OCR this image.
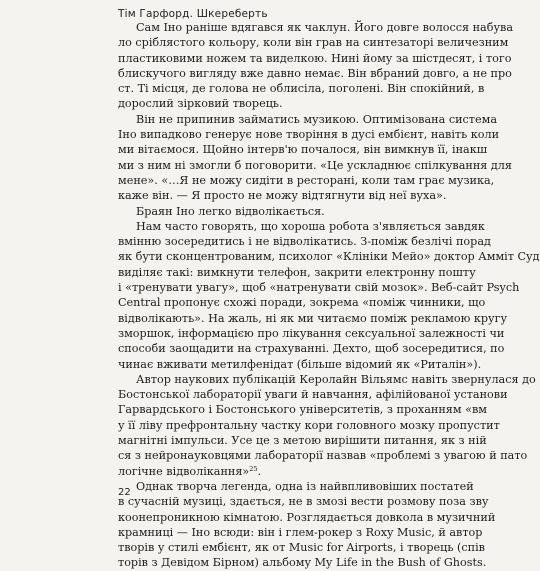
Тім Гарфорд. Шкереберть
Сам Іно раніше вдягався як чаклун. Його довге волосся набува
ло сріблястого кольору, коли він грав на синтезаторі величезним
пластиковими ножем та виделкою. Нині йому за шістдесят, і того
блискучого вигляду вже давно немає. Він вбраний довго, а не про
ст. Ті місця, де голова не облисіла, поголені. Він спокійний, в
дорослий зірковий творець.
Він не припинив займатись музикою. Оптимізована система
Іно випадково генерує нове творіння в дусі ембієнт, навіть коли
ми вітаємося. Щойно інтерв'ю почалося, він вимкнув її, інакш
ми з ним ні змогли б поговорити. «Це ускладнює спілкування для
мене». «…Я не можу сидіти в ресторані, коли там грає музика,
каже він. — Я просто не можу відтягнути від неї вуха».
Браян Іно легко відволікається.
Нам часто говорять, що хороша робота з'являється завдяк
вмінню зосередитись і не відволікатись. З-поміж безлічі порад
як бути сконцентрованим, психолог «Клініки Мейо» доктор Амміт Суд
виділяє такі: вимкнути телефон, закрити електронну пошту
і «тренувати увагу», щоб «натренувати свій мозок». Веб-сайт Psych
Central пропонує схожі поради, зокрема «поміж чинники, що
відволікають». На жаль, ні як ми читаємо поміж рекламою кругу
зморшок, інформацією про лікування сексуальної залежності чи
способи заощадити на страхуванні. Дехто, щоб зосередитися, по
чинає вживати метилфенідат (більше відомий як «Риталін»).
Автор наукових публікацій Керолайн Вільямс навіть звернулася до
Бостонської лабораторії уваги й навчання, афілійованої установи
Гарвардського і Бостонського університетів, з проханням «вм
у її ліву префронтальну частку кори головного мозку пропустит
магнітні імпульси. Усе це з метою вирішити питання, як з ній
ся з нейронауковцями лабораторії назвав «проблемі з увагою й пато
логічне відволікання»$^{25}$.
Однак творча легенда, одна із найвпливовіших постатей
в сучасній музиці, здається, не в змозі вести розмову поза зву
коонепроникною кімнатою. Розглядається довкола в музичний
крамниці — Іно всюди: він і глем-рокер з Roxy Music, й автор
творів у стилі ембієнт, як от Music for Airports, і творець (спів
торів з Девідом Бірном) альбому My Life in the Bush of Ghosts.
22
